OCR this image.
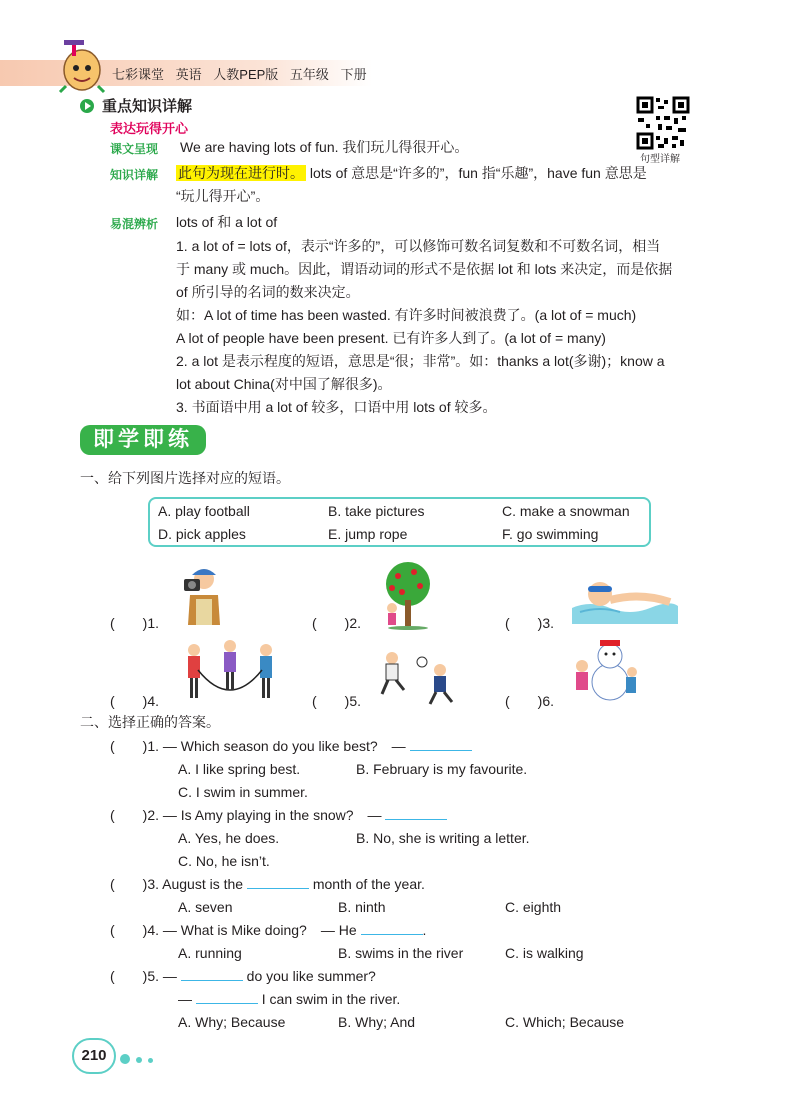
七彩课堂 英语 人教PEP版 五年级 下册
重点知识详解
表达玩得开心
句型详解
课文呈现 We are having lots of fun. 我们玩儿得很开心。
知识详解 此句为现在进行时。 lots of 意思是“许多的”，fun 指“乐趣”，have fun 意思是
“玩儿得开心”。
易混辨析 lots of 和 a lot of
1. a lot of = lots of，表示“许多的”，可以修饰可数名词复数和不可数名词，相当
于 many 或 much。因此，谓语动词的形式不是依据 lot 和 lots 来决定，而是依据
of 所引导的名词的数来决定。
如：A lot of time has been wasted. 有许多时间被浪费了。(a lot of = much)
A lot of people have been present. 已有许多人到了。(a lot of = many)
2. a lot 是表示程度的短语，意思是“很；非常”。如：thanks a lot(多谢)；know a
lot about China(对中国了解很多)。
3. 书面语中用 a lot of 较多，口语中用 lots of 较多。
即学即练
一、给下列图片选择对应的短语。
A. play football	B. take pictures	C. make a snowman
D. pick apples	E. jump rope	F. go swimming
(　　)1.	(　　)2.	(　　)3.
(　　)4.	(　　)5.	(　　)6.
二、选择正确的答案。
(　　)1. — Which season do you like best?　—
A. I like spring best.	B. February is my favourite.
C. I swim in summer.
(　　)2. — Is Amy playing in the snow?　—
A. Yes, he does.	B. No, she is writing a letter.
C. No, he isn’t.
(　　)3. August is the	month of the year.
A. seven	B. ninth	C. eighth
(　　)4. — What is Mike doing?　— He	.
A. running	B. swims in the river	C. is walking
(　　)5. —	do you like summer?
—	I can swim in the river.
A. Why; Because	B. Why; And	C. Which; Because
210
